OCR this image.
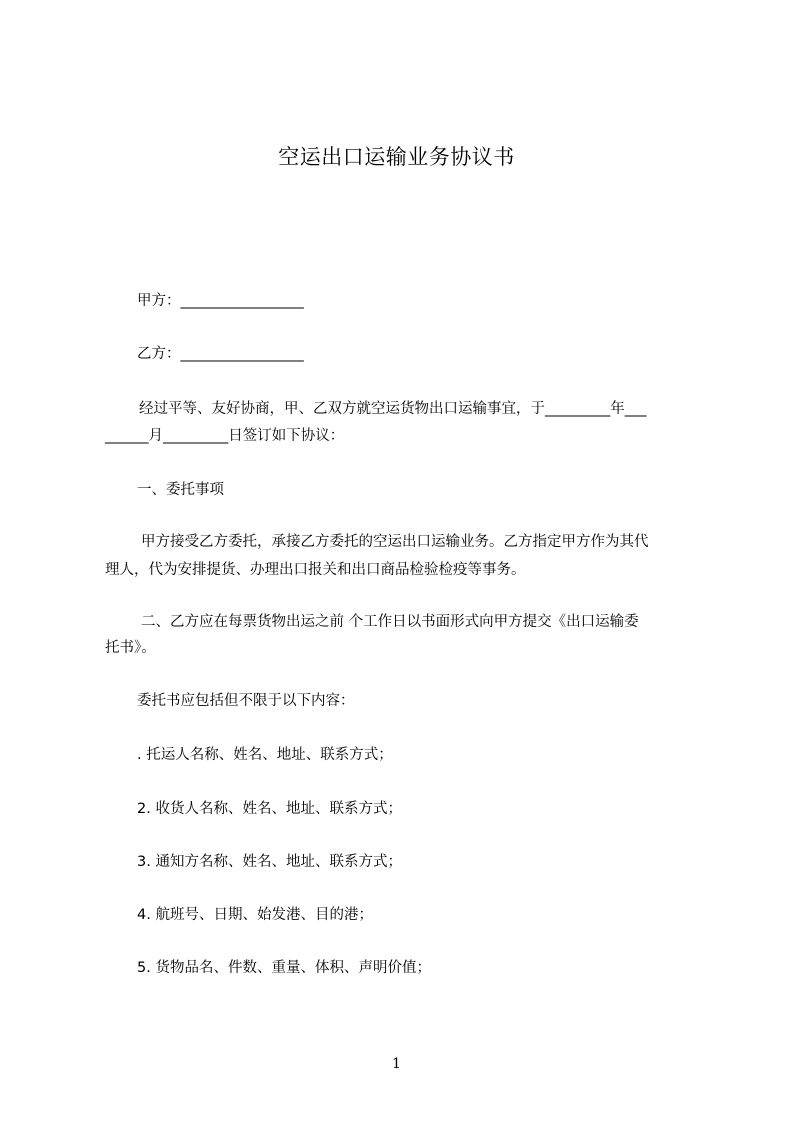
空运出口运输业务协议书
甲方：_________________
乙方：_________________
经过平等、友好协商，甲、乙双方就空运货物出口运输事宜，于_________年___
______月_________日签订如下协议：
一、委托事项
甲方接受乙方委托，承接乙方委托的空运出口运输业务。乙方指定甲方作为其代
理人，代为安排提货、办理出口报关和出口商品检验检疫等事务。
二、乙方应在每票货物出运之前 个工作日以书面形式向甲方提交《出口运输委
托书》。
委托书应包括但不限于以下内容：
. 托运人名称、姓名、地址、联系方式；
2. 收货人名称、姓名、地址、联系方式；
3. 通知方名称、姓名、地址、联系方式；
4. 航班号、日期、始发港、目的港；
5. 货物品名、件数、重量、体积、声明价值；
1
